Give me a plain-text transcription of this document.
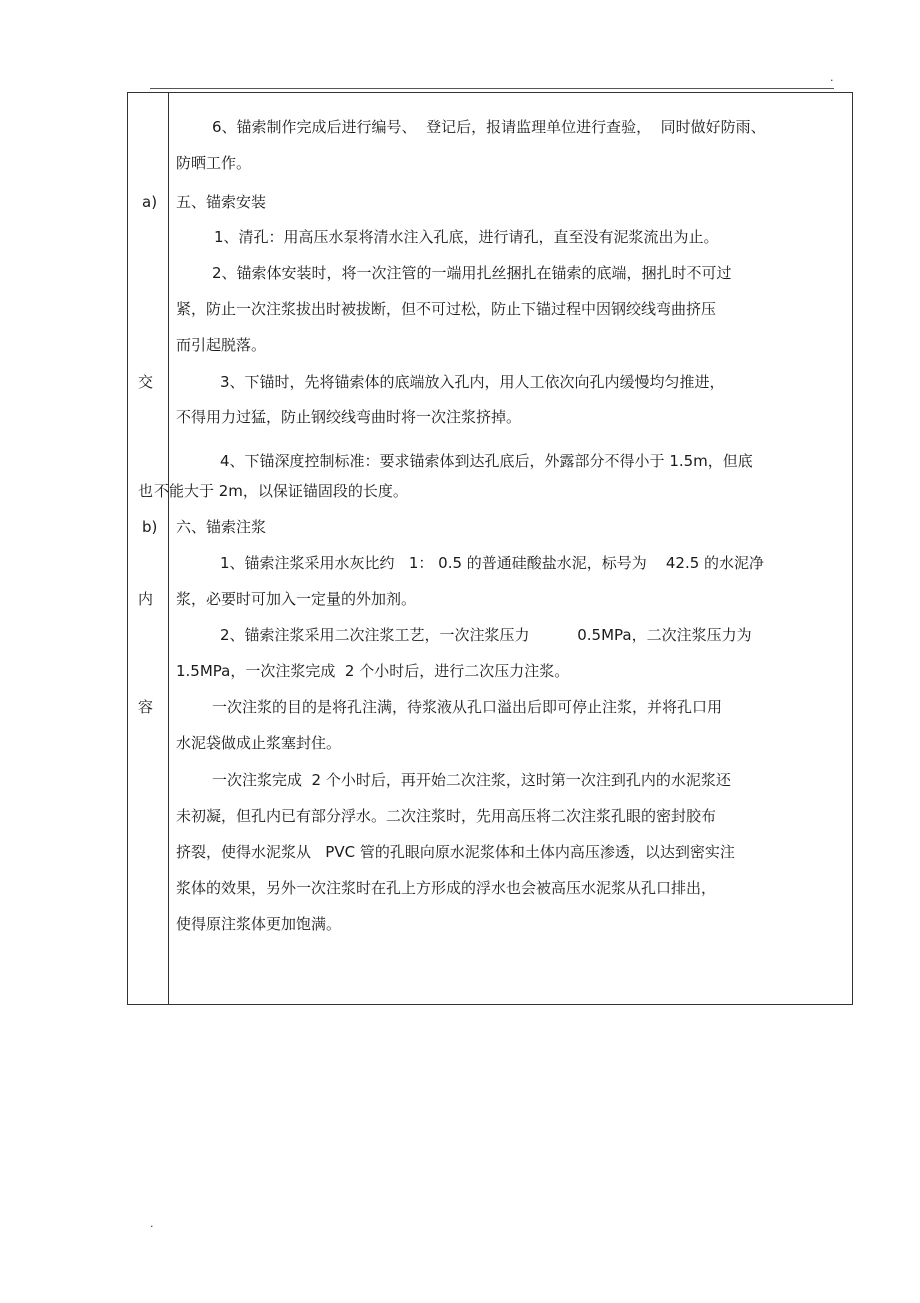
.
.
a)
交
也
b)
内
容
6、锚索制作完成后进行编号、  登记后，报请监理单位进行查验，  同时做好防雨、
防晒工作。
五、锚索安装
1、清孔：用高压水泵将清水注入孔底，进行请孔，直至没有泥浆流出为止。
2、锚索体安装时，将一次注管的一端用扎丝捆扎在锚索的底端，捆扎时不可过
紧，防止一次注浆拔出时被拔断，但不可过松，防止下锚过程中因钢绞线弯曲挤压
而引起脱落。
3、下锚时，先将锚索体的底端放入孔内，用人工依次向孔内缓慢均匀推进，
不得用力过猛，防止钢绞线弯曲时将一次注浆挤掉。
4、下锚深度控制标准：要求锚索体到达孔底后，外露部分不得小于 1.5m，但底
不能大于 2m，以保证锚固段的长度。
六、锚索注浆
1、锚索注浆采用水灰比约   1： 0.5 的普通硅酸盐水泥，标号为    42.5 的水泥净
浆，必要时可加入一定量的外加剂。
2、锚索注浆采用二次注浆工艺，一次注浆压力          0.5MPa，二次注浆压力为
1.5MPa，一次注浆完成  2 个小时后，进行二次压力注浆。
一次注浆的目的是将孔注满，待浆液从孔口溢出后即可停止注浆，并将孔口用
水泥袋做成止浆塞封住。
一次注浆完成  2 个小时后，再开始二次注浆，这时第一次注到孔内的水泥浆还
未初凝，但孔内已有部分浮水。二次注浆时，先用高压将二次注浆孔眼的密封胶布
挤裂，使得水泥浆从   PVC 管的孔眼向原水泥浆体和土体内高压渗透，以达到密实注
浆体的效果，另外一次注浆时在孔上方形成的浮水也会被高压水泥浆从孔口排出，
使得原注浆体更加饱满。
